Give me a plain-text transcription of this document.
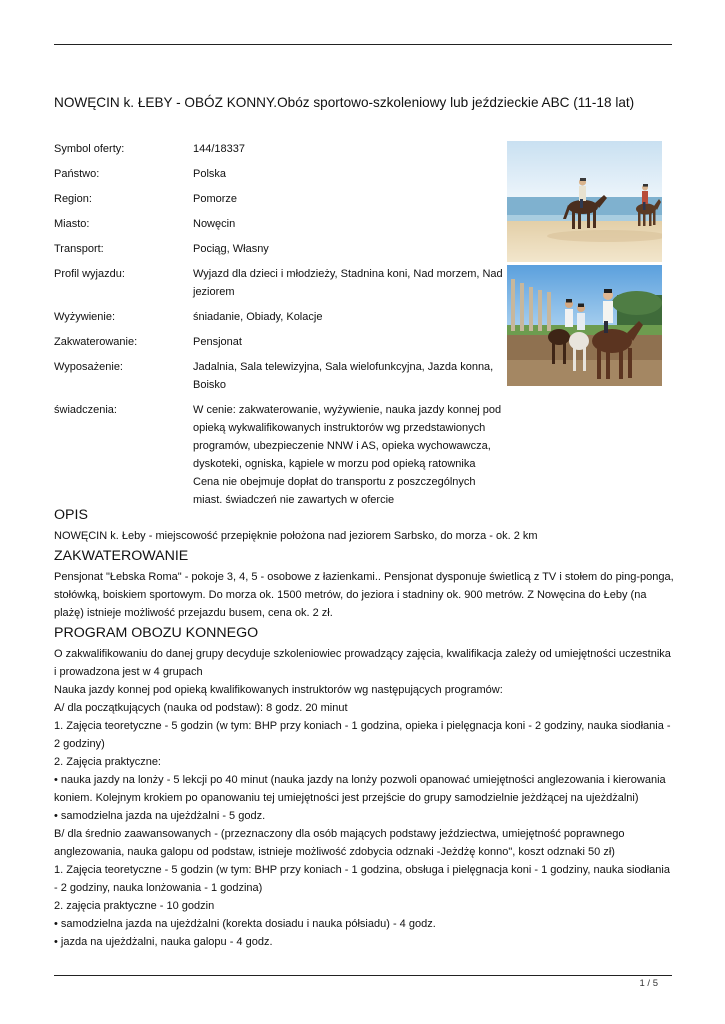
NOWĘCIN k. ŁEBY - OBÓZ KONNY.Obóz sportowo-szkoleniowy lub jeździeckie ABC (11-18 lat)
Symbol oferty:	144/18337
Państwo:	Polska
Region:	Pomorze
Miasto:	Nowęcin
Transport:	Pociąg, Własny
Profil wyjazdu:	Wyjazd dla dzieci i młodzieży, Stadnina koni, Nad morzem, Nad jeziorem
Wyżywienie:	śniadanie, Obiady, Kolacje
Zakwaterowanie:	Pensjonat
Wyposażenie:	Jadalnia, Sala telewizyjna, Sala wielofunkcyjna, Jazda konna, Boisko
świadczenia:	W cenie: zakwaterowanie, wyżywienie, nauka jazdy konnej pod opieką wykwalifikowanych instruktorów wg przedstawionych programów, ubezpieczenie NNW i AS, opieka wychowawcza, dyskoteki, ogniska, kąpiele w morzu pod opieką ratownika Cena nie obejmuje dopłat do transportu z poszczególnych miast. świadczeń nie zawartych w ofercie
OPIS

NOWĘCIN k. Łeby - miejscowość przepięknie położona nad jeziorem Sarbsko, do morza - ok. 2 km

ZAKWATEROWANIE

Pensjonat "Łebska Roma" - pokoje 3, 4, 5 - osobowe z łazienkami.. Pensjonat dysponuje świetlicą z TV i stołem do ping-ponga, stołówką, boiskiem sportowym. Do morza ok. 1500 metrów, do jeziora i stadniny ok. 900 metrów. Z Nowęcina do Łeby (na plażę) istnieje możliwość przejazdu busem, cena ok. 2 zł.

PROGRAM OBOZU KONNEGO

O zakwalifikowaniu do danej grupy decyduje szkoleniowiec prowadzący zajęcia, kwalifikacja zależy od umiejętności uczestnika i prowadzona jest w 4 grupach

Nauka jazdy konnej pod opieką kwalifikowanych instruktorów wg następujących programów:

A/ dla początkujących (nauka od podstaw): 8 godz. 20 minut

1. Zajęcia teoretyczne - 5 godzin (w tym: BHP przy koniach - 1 godzina, opieka i pielęgnacja koni - 2 godziny, nauka siodłania - 2 godziny)

2. Zajęcia praktyczne:

• nauka jazdy na lonży - 5 lekcji po 40 minut (nauka jazdy na lonży pozwoli opanować umiejętności anglezowania i kierowania koniem. Kolejnym krokiem po opanowaniu tej umiejętności jest przejście do grupy samodzielnie jeżdżącej na ujeżdżalni)

• samodzielna jazda na ujeżdżalni - 5 godz.

B/ dla średnio zaawansowanych - (przeznaczony dla osób mających podstawy jeździectwa, umiejętność poprawnego anglezowania, nauka galopu od podstaw, istnieje możliwość zdobycia odznaki -Jeżdżę konno", koszt odznaki 50 zł)

1. Zajęcia teoretyczne - 5 godzin (w tym: BHP przy koniach - 1 godzina, obsługa i pielęgnacja koni - 1 godziny, nauka siodłania - 2 godziny, nauka lonżowania - 1 godzina)

2. zajęcia praktyczne - 10 godzin

• samodzielna jazda na ujeżdżalni (korekta dosiadu i nauka półsiadu) - 4 godz.

• jazda na ujeżdżalni, nauka galopu - 4 godz.

1 / 5
